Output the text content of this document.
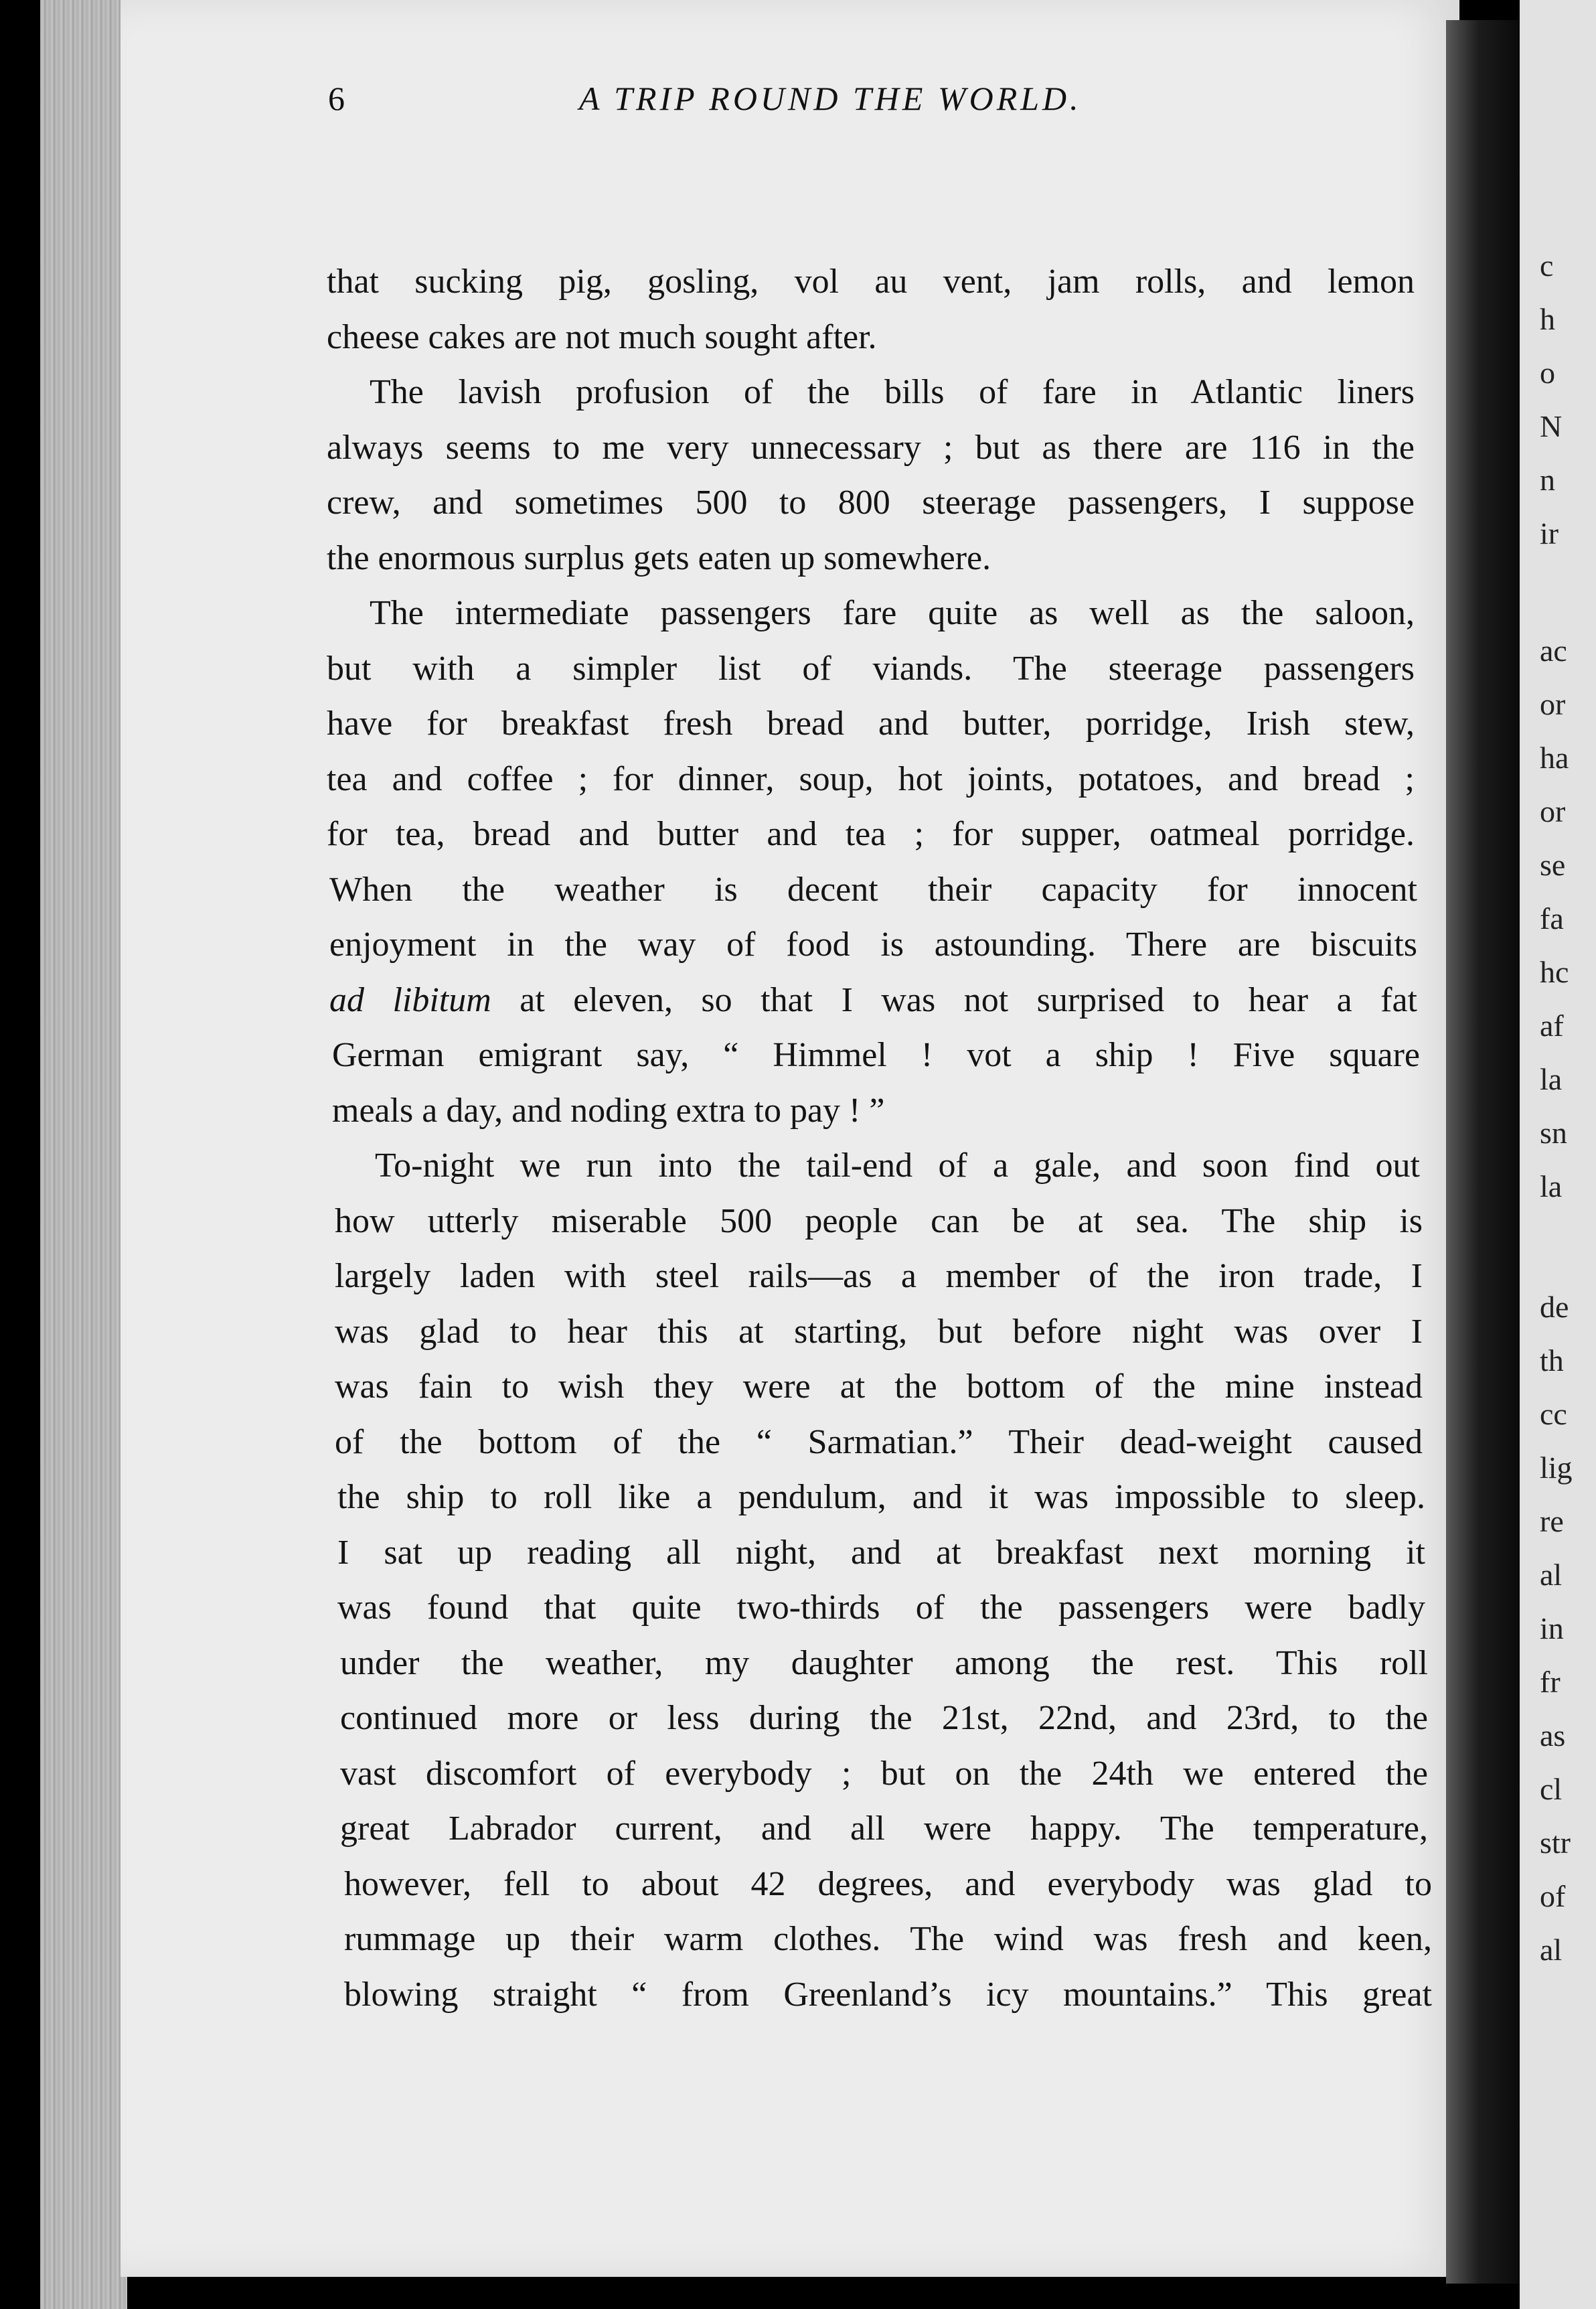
6	A TRIP ROUND THE WORLD.
that sucking pig, gosling, vol au vent, jam rolls, and lemon
cheese cakes are not much sought after.
The lavish profusion of the bills of fare in Atlantic liners
always seems to me very unnecessary ; but as there are 116 in the
crew, and sometimes 500 to 800 steerage passengers, I suppose
the enormous surplus gets eaten up somewhere.
The intermediate passengers fare quite as well as the saloon,
but with a simpler list of viands. The steerage passengers
have for breakfast fresh bread and butter, porridge, Irish stew,
tea and coffee ; for dinner, soup, hot joints, potatoes, and bread ;
for tea, bread and butter and tea ; for supper, oatmeal porridge.
When the weather is decent their capacity for innocent
enjoyment in the way of food is astounding. There are biscuits
ad libitum at eleven, so that I was not surprised to hear a fat
German emigrant say, “ Himmel ! vot a ship ! Five square
meals a day, and noding extra to pay ! ”
To-night we run into the tail-end of a gale, and soon find out
how utterly miserable 500 people can be at sea. The ship is
largely laden with steel rails—as a member of the iron trade, I
was glad to hear this at starting, but before night was over I
was fain to wish they were at the bottom of the mine instead
of the bottom of the “ Sarmatian.” Their dead-weight caused
the ship to roll like a pendulum, and it was impossible to sleep.
I sat up reading all night, and at breakfast next morning it
was found that quite two-thirds of the passengers were badly
under the weather, my daughter among the rest. This roll
continued more or less during the 21st, 22nd, and 23rd, to the
vast discomfort of everybody ; but on the 24th we entered the
great Labrador current, and all were happy. The temperature,
however, fell to about 42 degrees, and everybody was glad to
rummage up their warm clothes. The wind was fresh and keen,
blowing straight “ from Greenland’s icy mountains.” This great
c
h
o
N
n
ir
ac
or
ha
or
se
fa
hc
af
la
sn
la
de
th
cc
lig
re
al
in
fr
as
cl
str
of
al
